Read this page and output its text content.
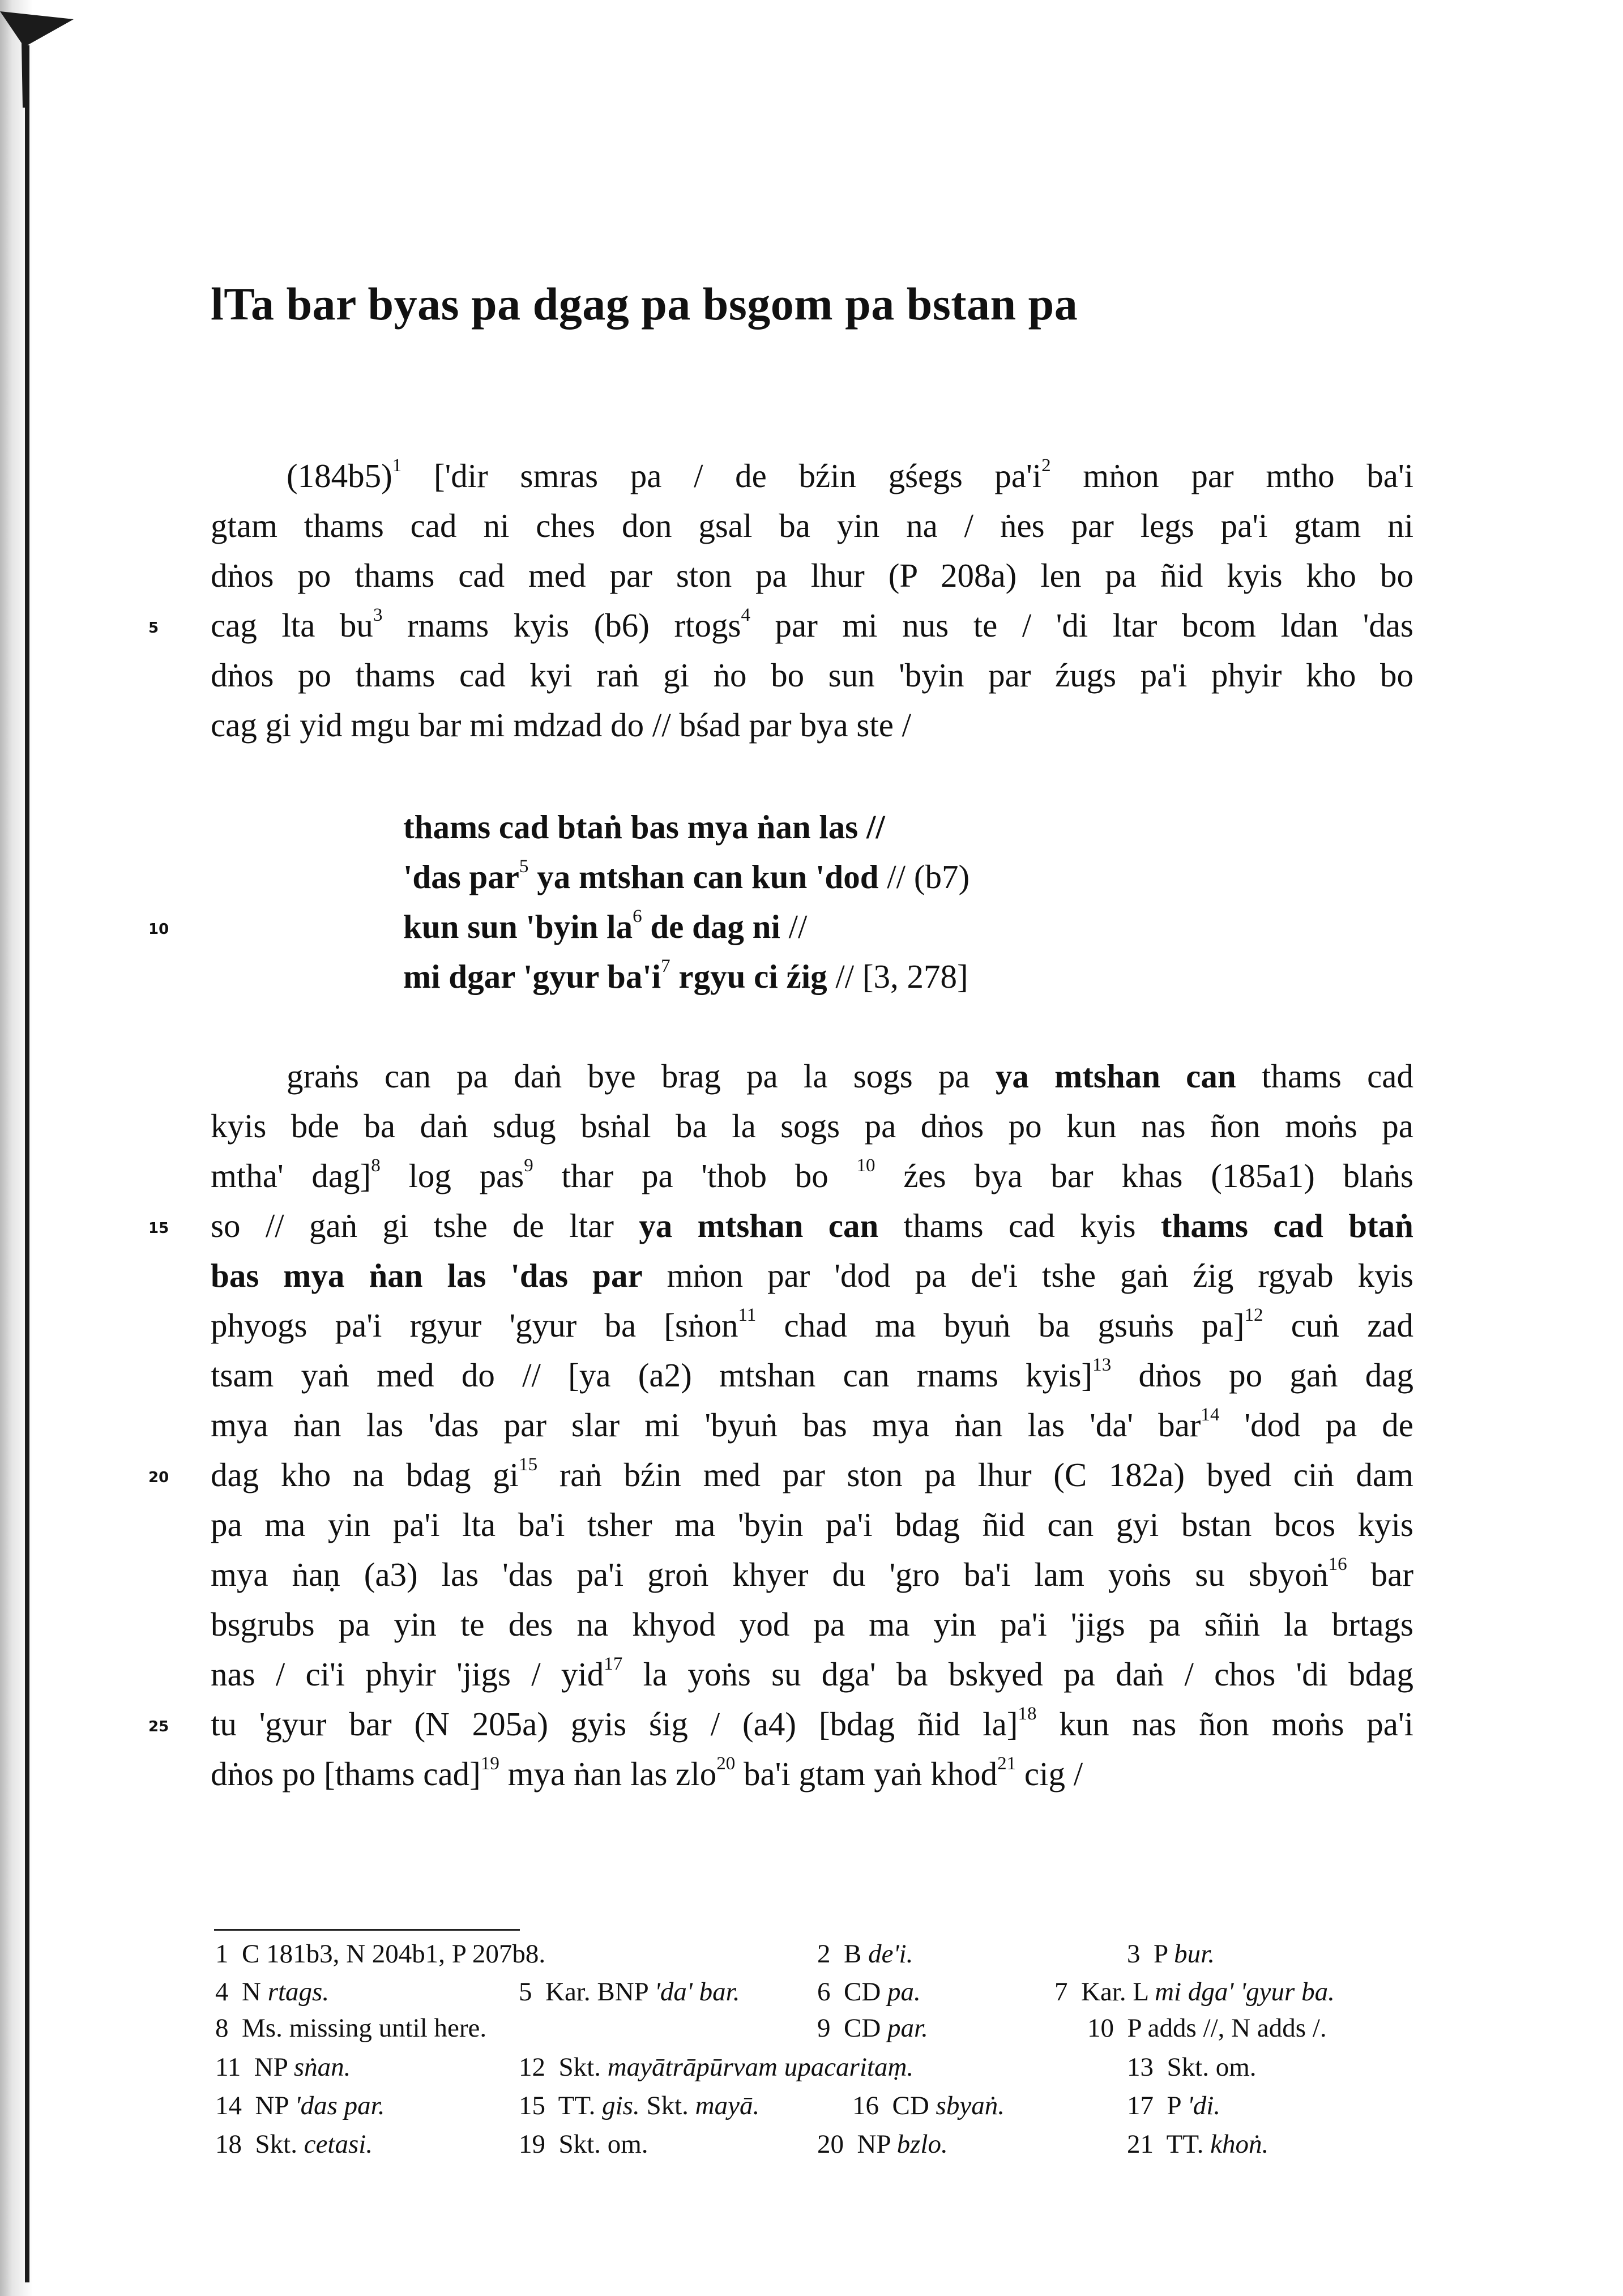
lTa bar byas pa dgag pa bsgom pa bstan pa
$(184b5)^1$ ['dir smras pa / de bźin gśegs $pa'i^2$ mṅon par mtho ba'i
gtam thams cad ni ches don gsal ba yin na / ṅes par legs pa'i gtam ni
dṅos po thams cad med par ston pa lhur (P 208a) len pa ñid kyis kho bo
cag lta $bu^3$ rnams kyis (b6) rtogs$^4$ par mi nus te / 'di ltar bcom ldan 'das
dṅos po thams cad kyi raṅ gi ṅo bo sun 'byin par źugs pa'i phyir kho bo
cag gi yid mgu bar mi mdzad do // bśad par bya ste /
thams cad btaṅ bas mya ṅan las //
'das par$^5$ ya mtshan can kun 'dod // (b7)
kun sun 'byin $la^6$ de dag ni //
mi dgar 'gyur $ba'i^7$ rgyu ci źig // [3, 278]
graṅs can pa daṅ bye brag pa la sogs pa ya mtshan can thams cad
kyis bde ba daṅ sdug bsṅal ba la sogs pa dṅos po kun nas ñon moṅs pa
mtha' dag]$^8$ log pas$^9$ thar pa 'thob bo $^{10}$ źes bya bar khas (185a1) blaṅs
so // gaṅ gi tshe de ltar ya mtshan can thams cad kyis thams cad btaṅ
bas mya ṅan las 'das par mṅon par 'dod pa de'i tshe gaṅ źig rgyab kyis
phyogs pa'i rgyur 'gyur ba [sṅon$^{11}$ chad ma byuṅ ba gsuṅs pa]$^{12}$ cuṅ zad
tsam yaṅ med do // [ya (a2) mtshan can rnams kyis]$^{13}$ dṅos po gaṅ dag
mya ṅan las 'das par slar mi 'byuṅ bas mya ṅan las 'da' bar$^{14}$ 'dod pa de
dag kho na bdag $gi^{15}$ raṅ bźin med par ston pa lhur (C 182a) byed ciṅ dam
pa ma yin pa'i lta ba'i tsher ma 'byin pa'i bdag ñid can gyi bstan bcos kyis
mya ṅaṇ (a3) las 'das pa'i groṅ khyer du 'gro ba'i lam yoṅs su sbyoṅ$^{16}$ bar
bsgrubs pa yin te des na khyod yod pa ma yin pa'i 'jigs pa sñiṅ la brtags
nas / ci'i phyir 'jigs / yid$^{17}$ la yoṅs su dga' ba bskyed pa daṅ / chos 'di bdag
tu 'gyur bar (N 205a) gyis śig / (a4) [bdag ñid la]$^{18}$ kun nas ñon moṅs pa'i
dṅos po [thams cad]$^{19}$ mya ṅan las zlo$^{20}$ ba'i gtam yaṅ khod$^{21}$ cig /
5
10
15
20
25
1 C 181b3, N 204b1, P 207b8.	2 B de'i.	3 P bur.
4 N rtags.	5 Kar. BNP 'da' bar.	6 CD pa.	7 Kar. L mi dga' 'gyur ba.
8 Ms. missing until here.	9 CD par.	10 P adds //, N adds /.
11 NP sṅan.	12 Skt. mayātrāpūrvam upacaritaṃ.	13 Skt. om.
14 NP 'das par.	15 TT. gis. Skt. mayā.	16 CD sbyaṅ.	17 P 'di.
18 Skt. cetasi.	19 Skt. om.	20 NP bzlo.	21 TT. khoṅ.
